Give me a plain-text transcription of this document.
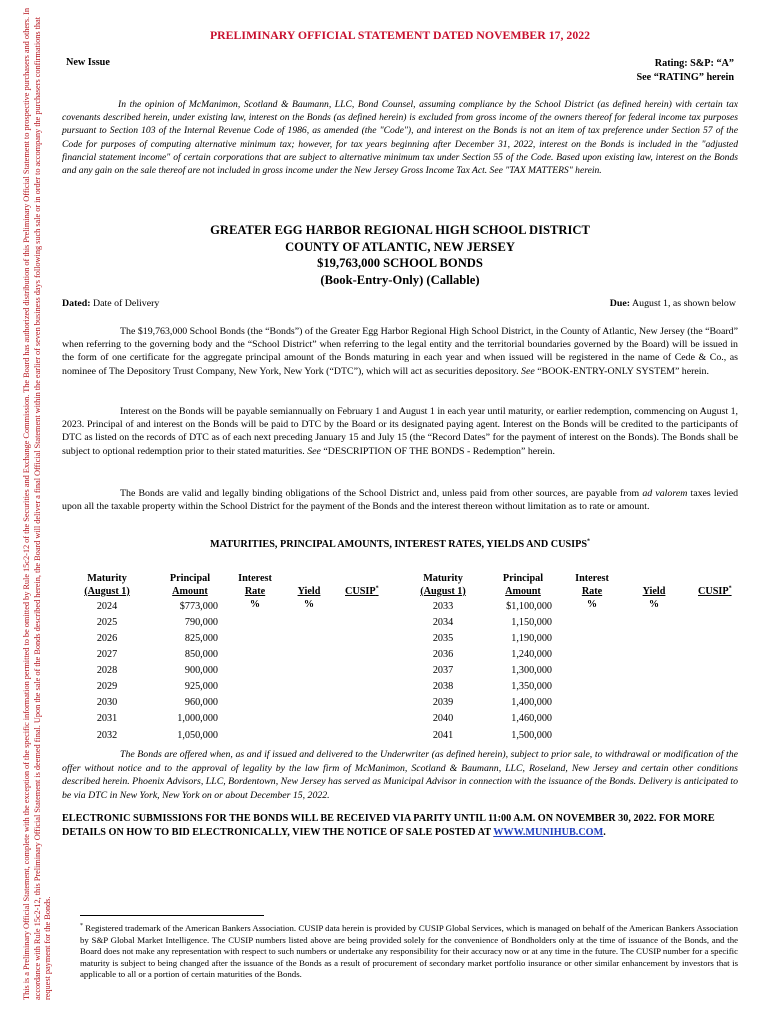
This is a Preliminary Official Statement, complete with the exception of the specific information permitted to be omitted by Rule 15c2-12 of the Securities and Exchange Commission. The Board has authorized distribution of this Preliminary Official Statement to prospective purchasers and others. In accordance with Rule 15c2-12, this Preliminary Official Statement is deemed final. Upon the sale of the Bonds described herein, the Board will deliver a final Official Statement within the earlier of seven business days following such sale or in order to accompany the purchasers confirmations that request payment for the Bonds.
PRELIMINARY OFFICIAL STATEMENT DATED NOVEMBER 17, 2022
New Issue	Rating: S&P: “A”
See “RATING” herein
In the opinion of McManimon, Scotland & Baumann, LLC, Bond Counsel, assuming compliance by the School District (as defined herein) with certain tax covenants described herein, under existing law, interest on the Bonds (as defined herein) is excluded from gross income of the owners thereof for federal income tax purposes pursuant to Section 103 of the Internal Revenue Code of 1986, as amended (the "Code"), and interest on the Bonds is not an item of tax preference under Section 57 of the Code for purposes of computing alternative minimum tax; however, for tax years beginning after December 31, 2022, interest on the Bonds is included in the "adjusted financial statement income" of certain corporations that are subject to alternative minimum tax under Section 55 of the Code. Based upon existing law, interest on the Bonds and any gain on the sale thereof are not included in gross income under the New Jersey Gross Income Tax Act. See "TAX MATTERS" herein.
GREATER EGG HARBOR REGIONAL HIGH SCHOOL DISTRICT
COUNTY OF ATLANTIC, NEW JERSEY
$19,763,000 SCHOOL BONDS
(Book-Entry-Only) (Callable)
Dated: Date of Delivery	Due: August 1, as shown below
The $19,763,000 School Bonds (the “Bonds”) of the Greater Egg Harbor Regional High School District, in the County of Atlantic, New Jersey (the “Board” when referring to the governing body and the “School District” when referring to the legal entity and the territorial boundaries governed by the Board) will be issued in the form of one certificate for the aggregate principal amount of the Bonds maturing in each year and when issued will be registered in the name of Cede & Co., as nominee of The Depository Trust Company, New York, New York (“DTC”), which will act as securities depository. See “BOOK-ENTRY-ONLY SYSTEM” herein.
Interest on the Bonds will be payable semiannually on February 1 and August 1 in each year until maturity, or earlier redemption, commencing on August 1, 2023. Principal of and interest on the Bonds will be paid to DTC by the Board or its designated paying agent. Interest on the Bonds will be credited to the participants of DTC as listed on the records of DTC as of each next preceding January 15 and July 15 (the “Record Dates” for the payment of interest on the Bonds). The Bonds shall be subject to optional redemption prior to their stated maturities. See “DESCRIPTION OF THE BONDS - Redemption” herein.
The Bonds are valid and legally binding obligations of the School District and, unless paid from other sources, are payable from ad valorem taxes levied upon all the taxable property within the School District for the payment of the Bonds and the interest thereon without limitation as to rate or amount.
MATURITIES, PRINCIPAL AMOUNTS, INTEREST RATES, YIELDS AND CUSIPS*
Maturity
(August 1)
2024
2025
2026
2027
2028
2029
2030
2031
2032
Principal
Amount
$773,000
790,000
825,000
850,000
900,000
925,000
960,000
1,000,000
1,050,000
Interest
Rate
%
Yield
%
CUSIP*
Maturity
(August 1)
2033
2034
2035
2036
2037
2038
2039
2040
2041
Principal
Amount
$1,100,000
1,150,000
1,190,000
1,240,000
1,300,000
1,350,000
1,400,000
1,460,000
1,500,000
Interest
Rate
%
Yield
%
CUSIP*
The Bonds are offered when, as and if issued and delivered to the Underwriter (as defined herein), subject to prior sale, to withdrawal or modification of the offer without notice and to the approval of legality by the law firm of McManimon, Scotland & Baumann, LLC, Roseland, New Jersey and certain other conditions described herein. Phoenix Advisors, LLC, Bordentown, New Jersey has served as Municipal Advisor in connection with the issuance of the Bonds. Delivery is anticipated to be via DTC in New York, New York on or about December 15, 2022.
ELECTRONIC SUBMISSIONS FOR THE BONDS WILL BE RECEIVED VIA PARITY UNTIL 11:00 A.M. ON NOVEMBER 30, 2022. FOR MORE DETAILS ON HOW TO BID ELECTRONICALLY, VIEW THE NOTICE OF SALE POSTED AT WWW.MUNIHUB.COM.
* Registered trademark of the American Bankers Association. CUSIP data herein is provided by CUSIP Global Services, which is managed on behalf of the American Bankers Association by S&P Global Market Intelligence. The CUSIP numbers listed above are being provided solely for the convenience of Bondholders only at the time of issuance of the Bonds, and the Board does not make any representation with respect to such numbers or undertake any responsibility for their accuracy now or at any time in the future. The CUSIP number for a specific maturity is subject to being changed after the issuance of the Bonds as a result of procurement of secondary market portfolio insurance or other similar enhancement by investors that is applicable to all or a portion of certain maturities of the Bonds.
